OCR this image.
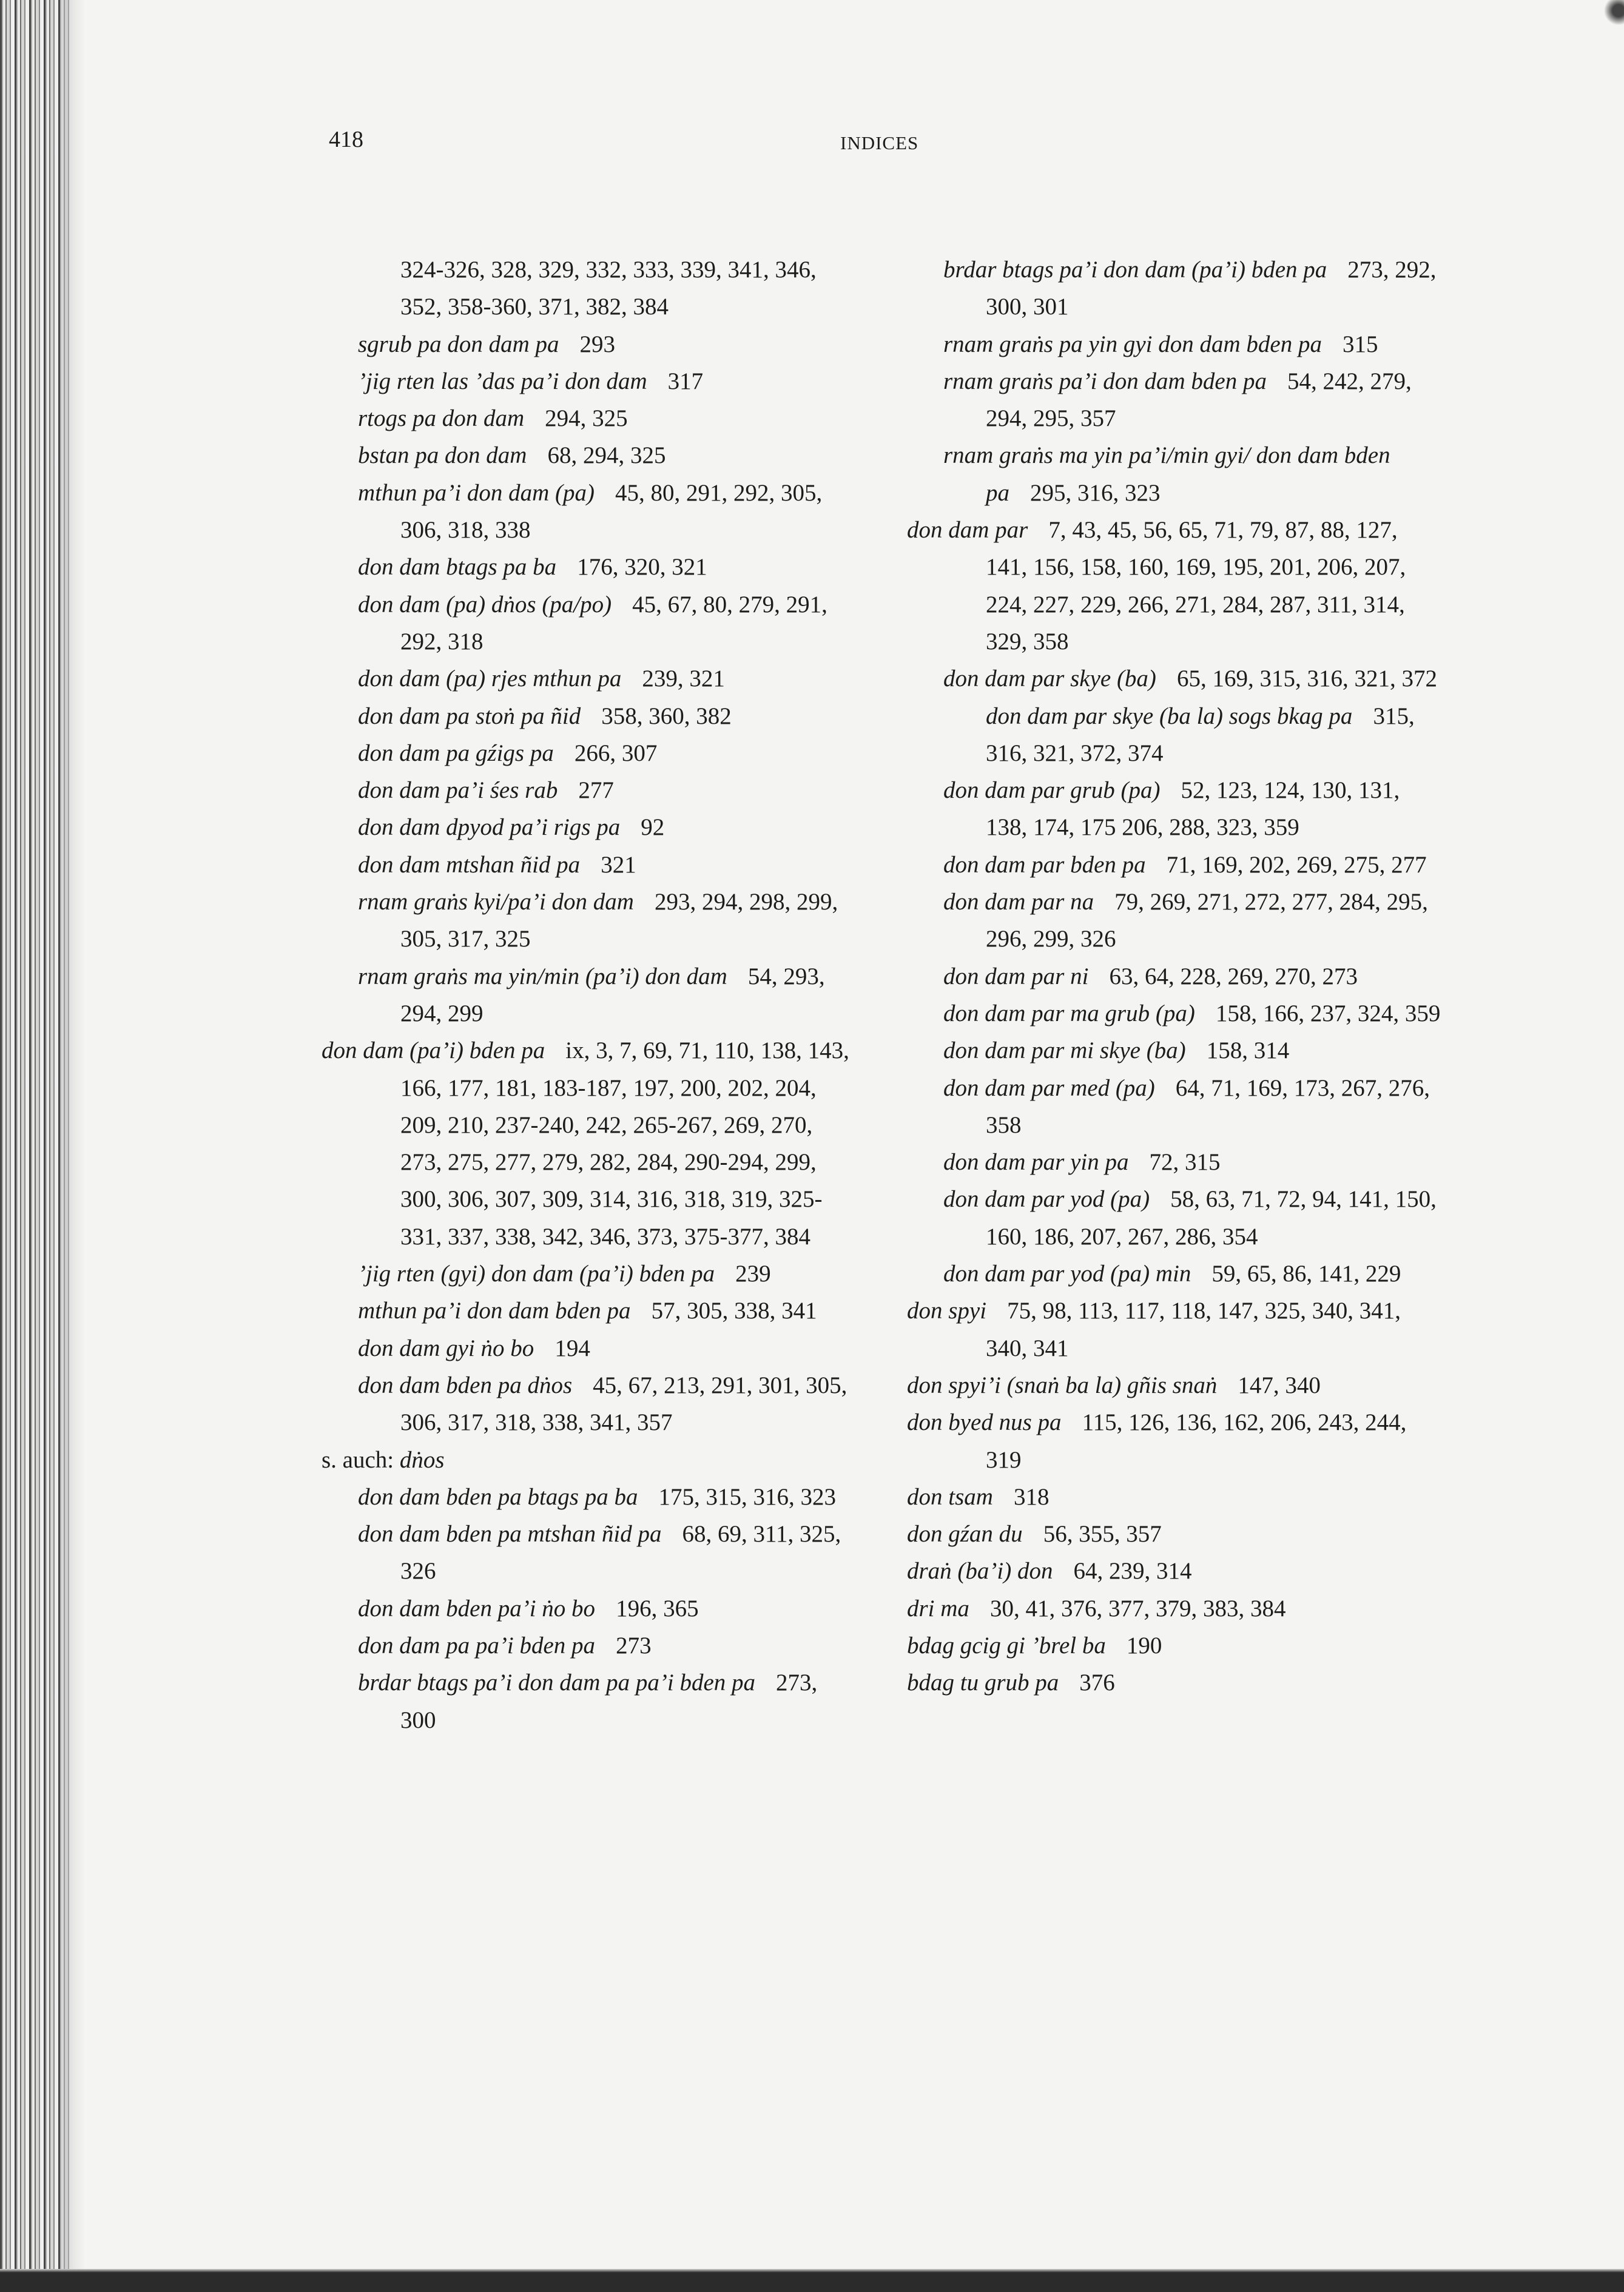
418	INDICES
324-326, 328, 329, 332, 333, 339, 341, 346, 352, 358-360, 371, 382, 384
sgrub pa don dam pa 293
’jig rten las ’das pa’i don dam 317
rtogs pa don dam 294, 325
bstan pa don dam 68, 294, 325
mthun pa’i don dam (pa) 45, 80, 291, 292, 305, 306, 318, 338
don dam btags pa ba 176, 320, 321
don dam (pa) dṅos (pa/po) 45, 67, 80, 279, 291, 292, 318
don dam (pa) rjes mthun pa 239, 321
don dam pa stoṅ pa ñid 358, 360, 382
don dam pa gźigs pa 266, 307
don dam pa’i śes rab 277
don dam dpyod pa’i rigs pa 92
don dam mtshan ñid pa 321
rnam graṅs kyi/pa’i don dam 293, 294, 298, 299, 305, 317, 325
rnam graṅs ma yin/min (pa’i) don dam 54, 293, 294, 299
don dam (pa’i) bden pa ix, 3, 7, 69, 71, 110, 138, 143, 166, 177, 181, 183-187, 197, 200, 202, 204, 209, 210, 237-240, 242, 265-267, 269, 270, 273, 275, 277, 279, 282, 284, 290-294, 299, 300, 306, 307, 309, 314, 316, 318, 319, 325-331, 337, 338, 342, 346, 373, 375-377, 384
’jig rten (gyi) don dam (pa’i) bden pa 239
mthun pa’i don dam bden pa 57, 305, 338, 341
don dam gyi ṅo bo 194
don dam bden pa dṅos 45, 67, 213, 291, 301, 305, 306, 317, 318, 338, 341, 357
s. auch: dṅos
don dam bden pa btags pa ba 175, 315, 316, 323
don dam bden pa mtshan ñid pa 68, 69, 311, 325, 326
don dam bden pa’i ṅo bo 196, 365
don dam pa pa’i bden pa 273
brdar btags pa’i don dam pa pa’i bden pa 273, 300
brdar btags pa’i don dam (pa’i) bden pa 273, 292, 300, 301
rnam graṅs pa yin gyi don dam bden pa 315
rnam graṅs pa’i don dam bden pa 54, 242, 279, 294, 295, 357
rnam graṅs ma yin pa’i/min gyi/ don dam bden pa 295, 316, 323
don dam par 7, 43, 45, 56, 65, 71, 79, 87, 88, 127, 141, 156, 158, 160, 169, 195, 201, 206, 207, 224, 227, 229, 266, 271, 284, 287, 311, 314, 329, 358
don dam par skye (ba) 65, 169, 315, 316, 321, 372
don dam par skye (ba la) sogs bkag pa 315, 316, 321, 372, 374
don dam par grub (pa) 52, 123, 124, 130, 131, 138, 174, 175 206, 288, 323, 359
don dam par bden pa 71, 169, 202, 269, 275, 277
don dam par na 79, 269, 271, 272, 277, 284, 295, 296, 299, 326
don dam par ni 63, 64, 228, 269, 270, 273
don dam par ma grub (pa) 158, 166, 237, 324, 359
don dam par mi skye (ba) 158, 314
don dam par med (pa) 64, 71, 169, 173, 267, 276, 358
don dam par yin pa 72, 315
don dam par yod (pa) 58, 63, 71, 72, 94, 141, 150, 160, 186, 207, 267, 286, 354
don dam par yod (pa) min 59, 65, 86, 141, 229
don spyi 75, 98, 113, 117, 118, 147, 325, 340, 341, 340, 341
don spyi’i (snaṅ ba la) gñis snaṅ 147, 340
don byed nus pa 115, 126, 136, 162, 206, 243, 244, 319
don tsam 318
don gźan du 56, 355, 357
draṅ (ba’i) don 64, 239, 314
dri ma 30, 41, 376, 377, 379, 383, 384
bdag gcig gi ’brel ba 190
bdag tu grub pa 376
